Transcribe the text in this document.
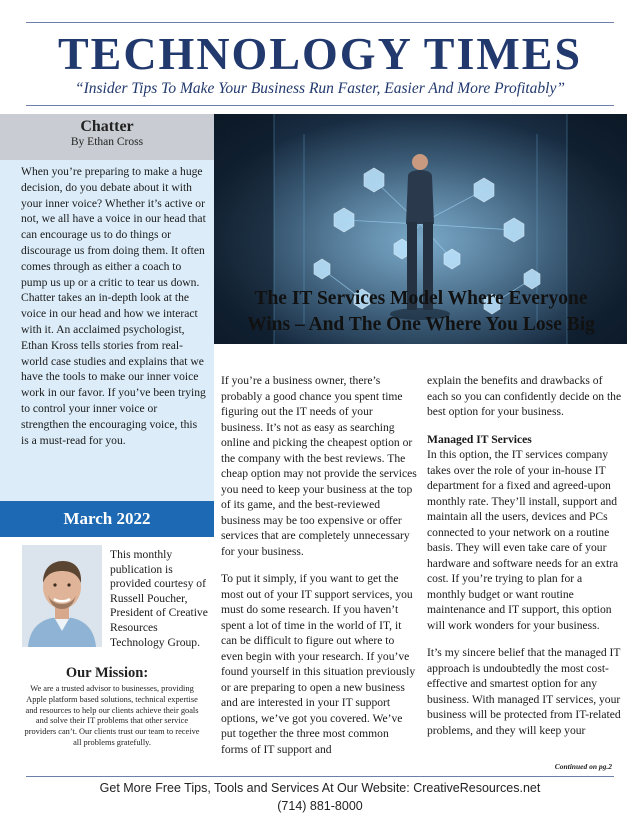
TECHNOLOGY TIMES
“Insider Tips To Make Your Business Run Faster, Easier And More Profitably”
Chatter
By Ethan Cross
When you’re preparing to make a huge decision, do you debate about it with your inner voice? Whether it’s active or not, we all have a voice in our head that can encourage us to do things or discourage us from doing them. It often comes through as either a coach to pump us up or a critic to tear us down. Chatter takes an in-depth look at the voice in our head and how we interact with it. An acclaimed psychologist, Ethan Kross tells stories from real-world case studies and explains that we have the tools to make our inner voice work in our favor. If you’ve been trying to control your inner voice or strengthen the encouraging voice, this is a must-read for you.
March 2022
This monthly publication is provided courtesy of Russell Poucher, President of Creative Resources Technology Group.
Our Mission:
We are a trusted advisor to businesses, providing Apple platform based solutions, technical expertise and resources to help our clients achieve their goals and solve their IT problems that other service providers can’t. Our clients trust our team to receive all problems gratefully.
The IT Services Model Where Everyone Wins – And The One Where You Lose Big

If you’re a business owner, there’s probably a good chance you spent time figuring out the IT needs of your business. It’s not as easy as searching online and picking the cheapest option or the company with the best reviews. The cheap option may not provide the services you need to keep your business at the top of its game, and the best-reviewed business may be too expensive or offer services that are completely unnecessary for your business.

To put it simply, if you want to get the most out of your IT support services, you must do some research. If you haven’t spent a lot of time in the world of IT, it can be difficult to figure out where to even begin with your research. If you’ve found yourself in this situation previously or are preparing to open a new business and are interested in your IT support options, we’ve got you covered. We’ve put together the three most common forms of IT support and

explain the benefits and drawbacks of each so you can confidently decide on the best option for your business.

Managed IT Services
In this option, the IT services company takes over the role of your in-house IT department for a fixed and agreed-upon monthly rate. They’ll install, support and maintain all the users, devices and PCs connected to your network on a routine basis. They will even take care of your hardware and software needs for an extra cost. If you’re trying to plan for a monthly budget or want routine maintenance and IT support, this option will work wonders for your business.

It’s my sincere belief that the managed IT approach is undoubtedly the most cost-effective and smartest option for any business. With managed IT services, your business will be protected from IT-related problems, and they will keep your

Continued on pg.2
Get More Free Tips, Tools and Services At Our Website: CreativeResources.net
(714) 881-8000
